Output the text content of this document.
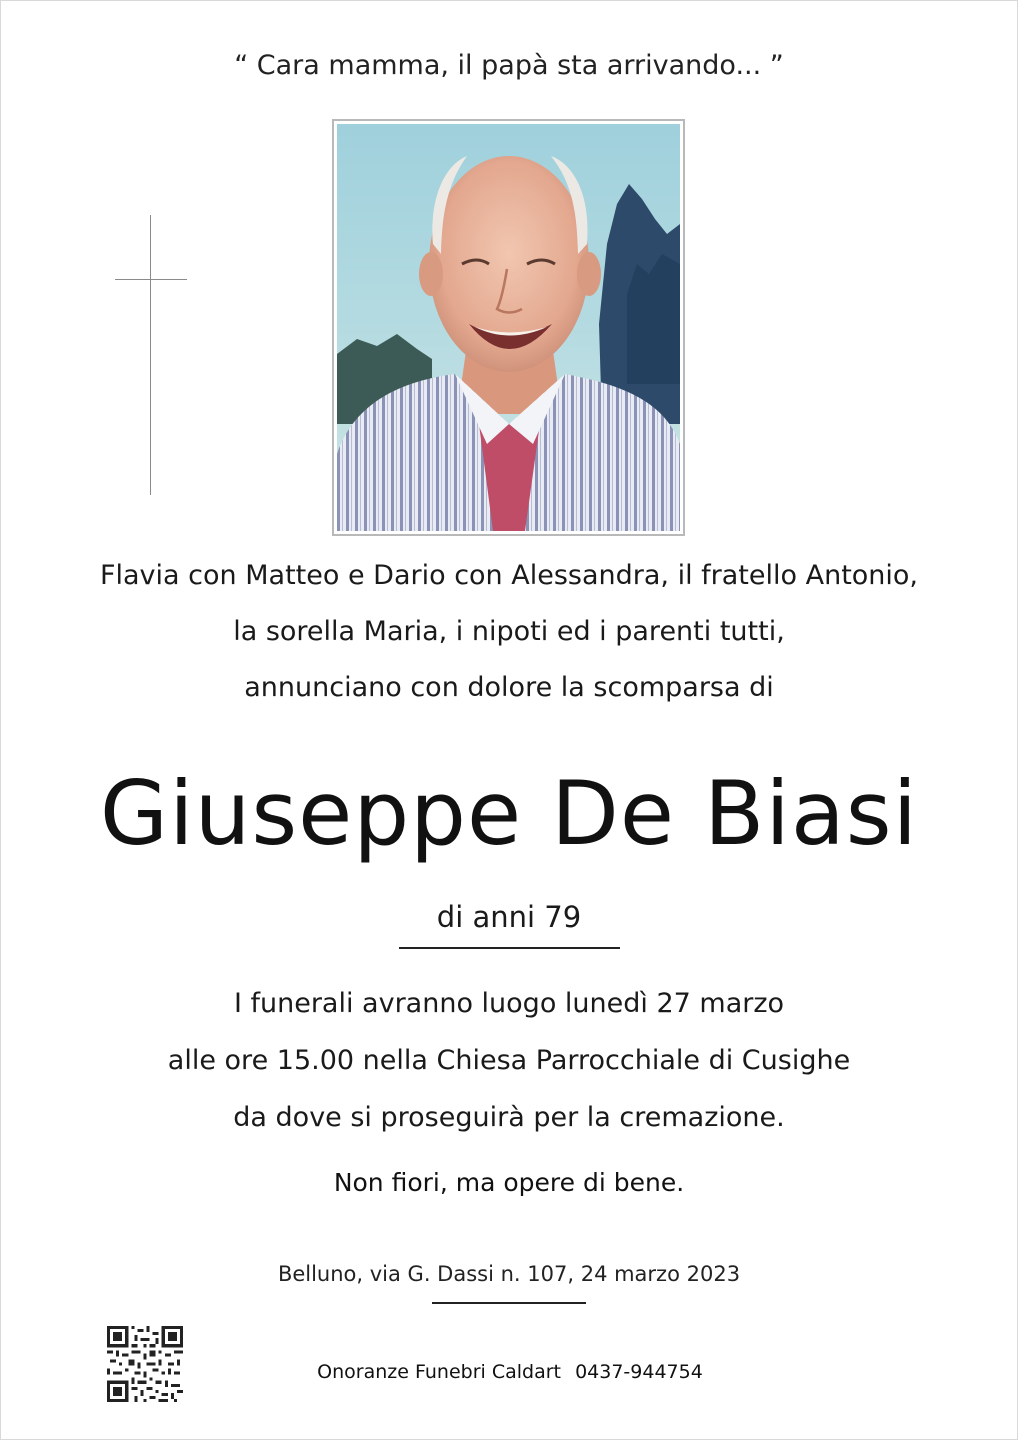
“ Cara mamma, il papà sta arrivando... ”
Flavia con Matteo e Dario con Alessandra, il fratello Antonio,
la sorella Maria, i nipoti ed i parenti tutti,
annunciano con dolore la scomparsa di
Giuseppe De Biasi
di anni 79
I funerali avranno luogo lunedì 27 marzo
alle ore 15.00 nella Chiesa Parrocchiale di Cusighe
da dove si proseguirà per la cremazione.
Non fiori, ma opere di bene.
Belluno, via G. Dassi n. 107, 24 marzo 2023
Onoranze Funebri Caldart 0437-944754
